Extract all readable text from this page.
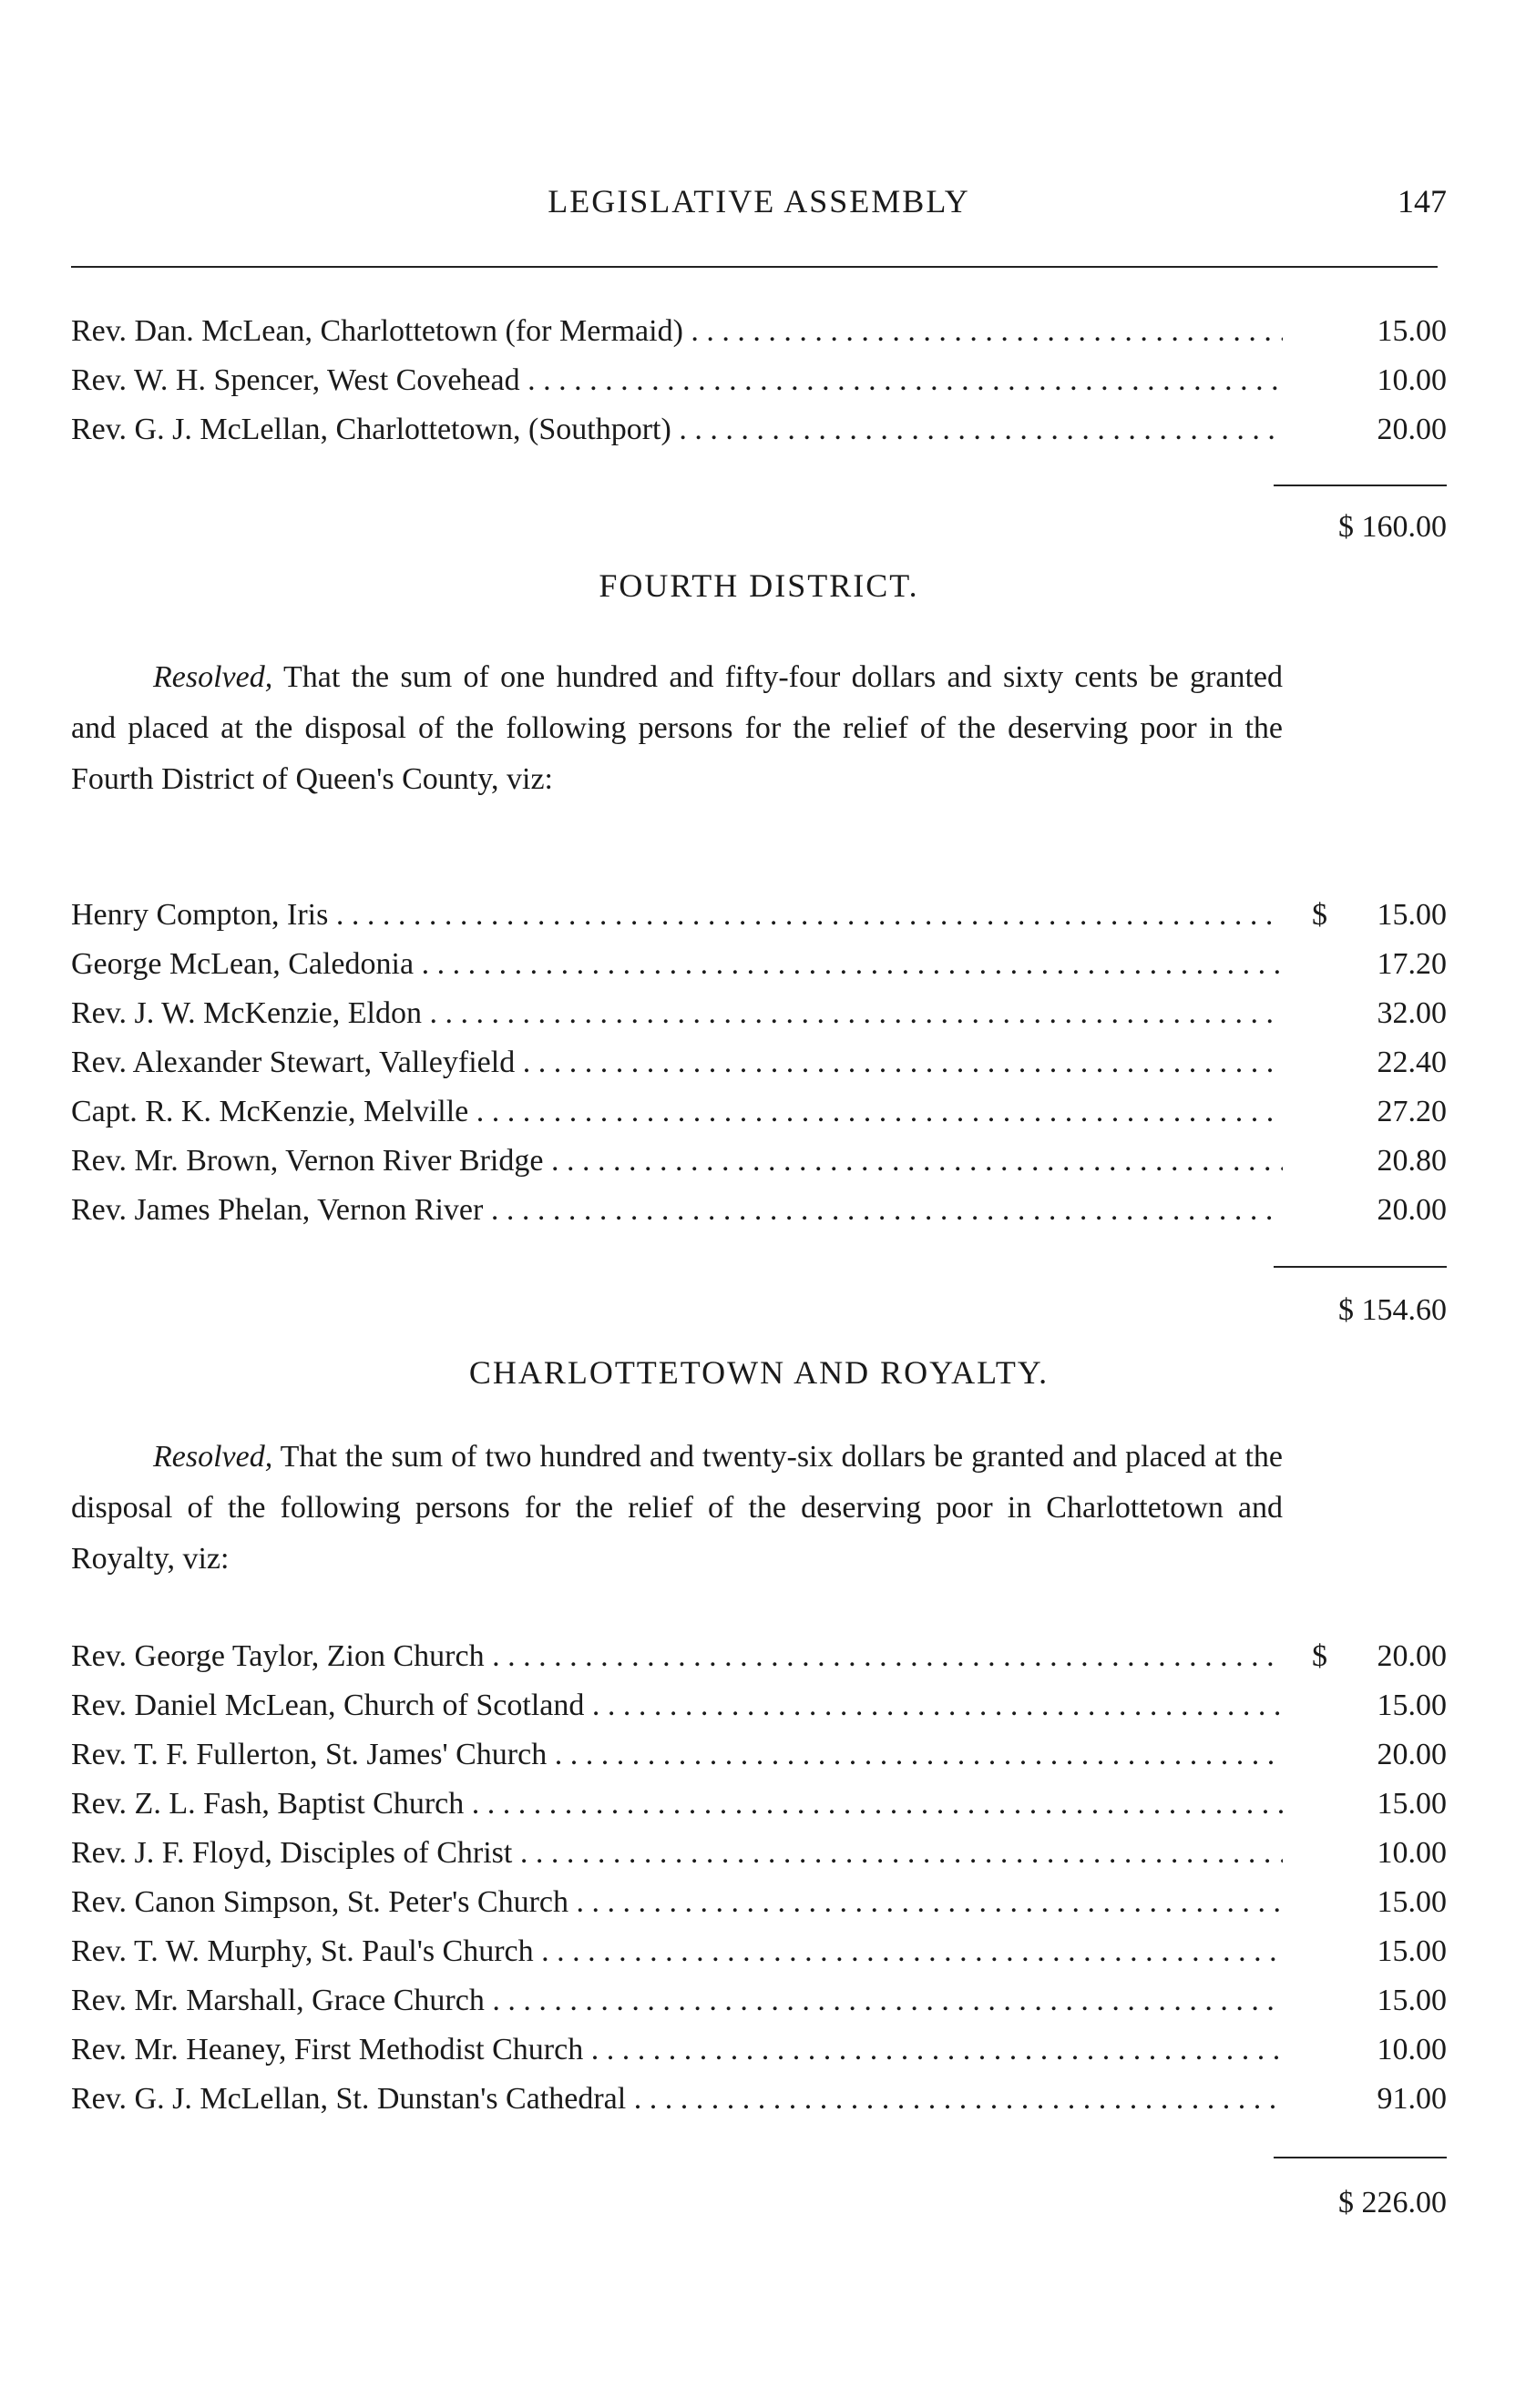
LEGISLATIVE ASSEMBLY	147
Rev. Dan. McLean, Charlottetown (for Mermaid) . . .	15.00
Rev. W. H. Spencer, West Covehead . . .	10.00
Rev. G. J. McLellan, Charlottetown, (Southport) . . .	20.00
$ 160.00
FOURTH DISTRICT.
Resolved, That the sum of one hundred and fifty-four dollars and sixty cents be granted and placed at the disposal of the following persons for the relief of the deserving poor in the Fourth District of Queen's County, viz:
Henry Compton, Iris . . .	$	15.00
George McLean, Caledonia . . .	17.20
Rev. J. W. McKenzie, Eldon . . .	32.00
Rev. Alexander Stewart, Valleyfield . . .	22.40
Capt. R. K. McKenzie, Melville . . .	27.20
Rev. Mr. Brown, Vernon River Bridge . . .	20.80
Rev. James Phelan, Vernon River . . .	20.00
$ 154.60
CHARLOTTETOWN AND ROYALTY.
Resolved, That the sum of two hundred and twenty-six dollars be granted and placed at the disposal of the following persons for the relief of the deserving poor in Charlottetown and Royalty, viz:
Rev. George Taylor, Zion Church . . .	$	20.00
Rev. Daniel McLean, Church of Scotland . . .	15.00
Rev. T. F. Fullerton, St. James' Church . . .	20.00
Rev. Z. L. Fash, Baptist Church . . .	15.00
Rev. J. F. Floyd, Disciples of Christ . . .	10.00
Rev. Canon Simpson, St. Peter's Church . . .	15.00
Rev. T. W. Murphy, St. Paul's Church . . .	15.00
Rev. Mr. Marshall, Grace Church . . .	15.00
Rev. Mr. Heaney, First Methodist Church . . .	10.00
Rev. G. J. McLellan, St. Dunstan's Cathedral . . .	91.00
$ 226.00
